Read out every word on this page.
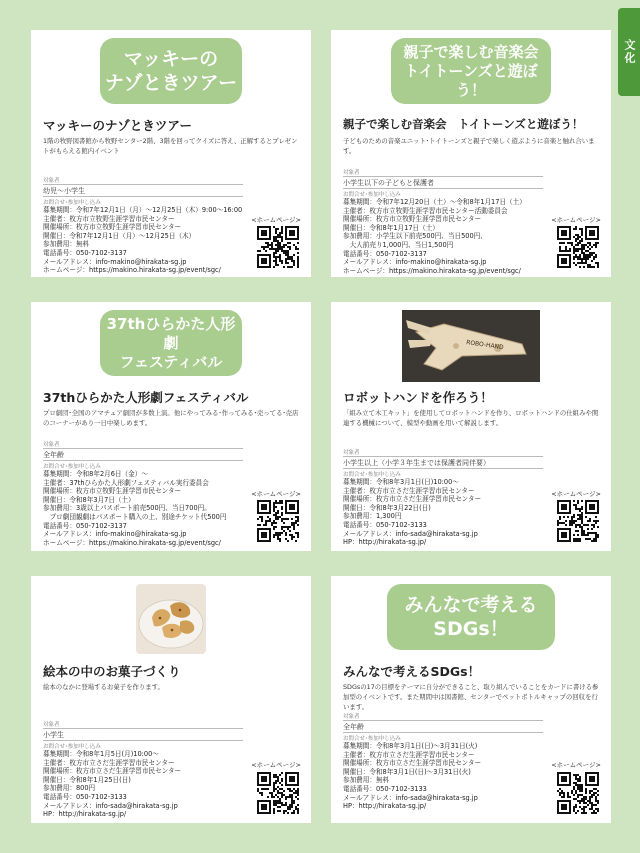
文化
マッキーの
ナゾときツアー
マッキーのナゾときツアー
1階の牧野図書館から牧野センター2階、3階を回ってクイズに答え、正解するとプレゼントがもらえる館内イベント
対象者
幼児〜小学生
お問合せ･参加申し込み
募集期間：令和7年12月1日（月）〜12月25日（木）9:00〜16:00
主催者：枚方市立牧野生涯学習市民センター
開催場所：枚方市立牧野生涯学習市民センター
開催日：令和7年12月1日（月）〜12月25日（木）
参加費用：無料
電話番号：050-7102-3137
メールアドレス：info-makino@hirakata-sg.jp
ホームページ：https://makino.hirakata-sg.jp/event/sgc/
<ホームページ>
親子で楽しむ音楽会
トイトーンズと遊ぼう！
親子で楽しむ音楽会　トイトーンズと遊ぼう！
子どものための音楽ユニット･トイトーンズと親子で楽しく遊ぶように音楽と触れ合います。
対象者
小学生以下の子どもと保護者
お問合せ･参加申し込み
募集期間：令和7年12月20日（土）〜令和8年1月17日（土）
主催者：枚方市立牧野生涯学習市民センター活動委員会
開催場所：枚方市立牧野生涯学習市民センター
開催日：令和8年1月17日（土）
参加費用：小学生以下前売500円、当日500円、
　大人前売り1,000円、当日1,500円
電話番号：050-7102-3137
メールアドレス：info-makino@hirakata-sg.jp
ホームページ：https://makino.hirakata-sg.jp/event/sgc/
<ホームページ>
37thひらかた人形劇
フェスティバル
37thひらかた人形劇フェスティバル
プロ劇団･全国のアマチュア劇団が多数上演。他にやってみる･作ってみる･売ってる･売店のコーナーがあり一日中楽しめます。
対象者
全年齢
お問合せ･参加申し込み
募集期間：令和8年2月6日（金）〜
主催者：37thひらかた人形劇フェスティバル実行委員会
開催場所：枚方市立牧野生涯学習市民センター
開催日：令和8年3月7日（土）
参加費用：3歳以上パスポート前売500円、当日700円。
　プロ劇団観劇はパスポート購入の上、別途チケット代500円
電話番号：050-7102-3137
メールアドレス：info-makino@hirakata-sg.jp
ホームページ：https://makino.hirakata-sg.jp/event/sgc/
<ホームページ>
ROBO-HAND
ロボットハンドを作ろう！
「組み立て木工キット」を使用してロボットハンドを作り、ロボットハンドの仕組みや関連する機械について、模型や動画を用いて解説します。
対象者
小学生以上（小学３年生までは保護者同伴要）
お問合せ･参加申し込み
募集期間：令和8年3月1日(日)10:00〜
主催者：枚方市立さだ生涯学習市民センター
開催場所：枚方市立さだ生涯学習市民センター
開催日：令和8年3月22日(日)
参加費用：1,300円
電話番号：050-7102-3133
メールアドレス：info-sada@hirakata-sg.jp
HP：http://hirakata-sg.jp/
<ホームページ>
絵本の中のお菓子づくり
絵本のなかに登場するお菓子を作ります。
対象者
小学生
お問合せ･参加申し込み
募集期間：令和8年1月5日(月)10:00〜
主催者：枚方市立さだ生涯学習市民センター
開催場所：枚方市立さだ生涯学習市民センター
開催日：令和8年1月25日(日)
参加費用：800円
電話番号：050-7102-3133
メールアドレス：info-sada@hirakata-sg.jp
HP：http://hirakata-sg.jp/
<ホームページ>
みんなで考える
SDGs！
みんなで考えるSDGs！
SDGsの17の目標をテーマに自分ができること、取り組んでいることをカードに書ける参加型のイベントです。また期間中は図書館、センターでペットボトルキャップの回収を行います。
対象者
全年齢
お問合せ･参加申し込み
募集期間：令和8年3月1日(日)〜3月31日(火)
主催者：枚方市立さだ生涯学習市民センター
開催場所：枚方市立さだ生涯学習市民センター
開催日：令和8年3月1日(日)〜3月31日(火)
参加費用：無料
電話番号：050-7102-3133
メールアドレス：info-sada@hirakata-sg.jp
HP：http://hirakata-sg.jp/
<ホームページ>
